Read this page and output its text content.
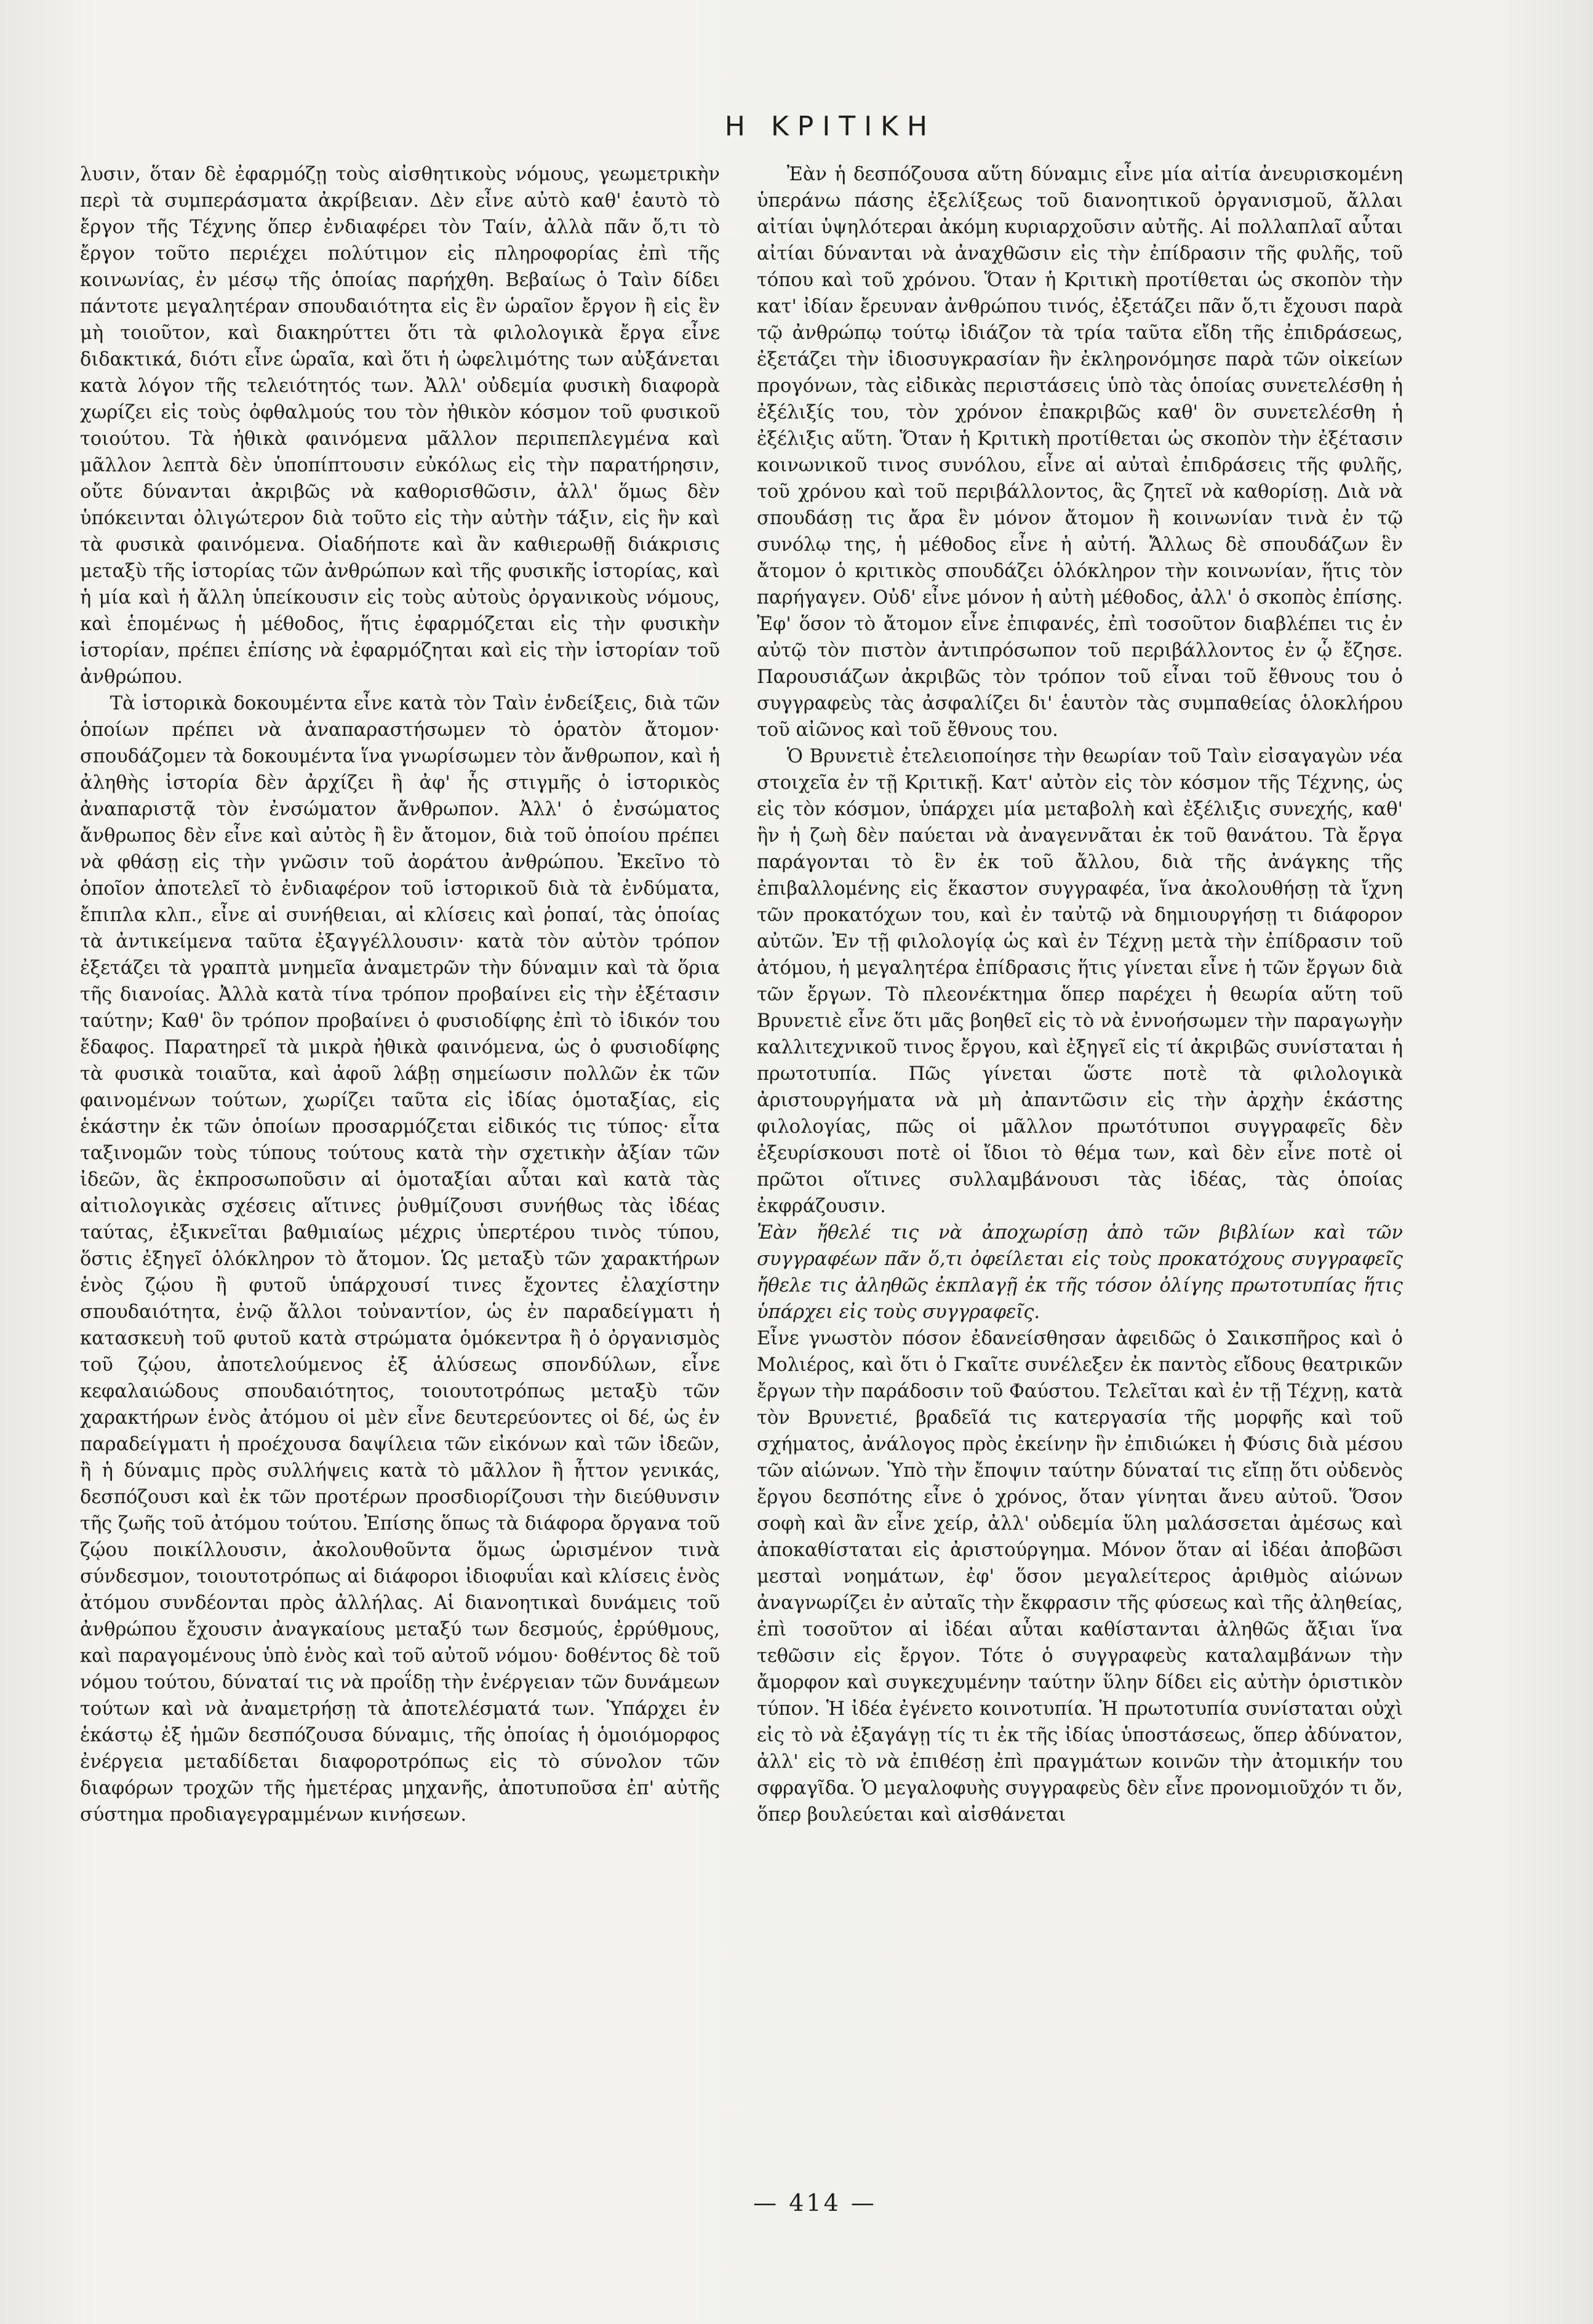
Η ΚΡΙΤΙΚΗ

λυσιν, ὅταν δὲ ἐφαρμόζῃ τοὺς αἰσθητικοὺς νόμους, γεωμετρικὴν περὶ τὰ συμπεράσματα ἀκρίβειαν. Δὲν εἶνε αὐτὸ καθ' ἑαυτὸ τὸ ἔργον τῆς Τέχνης ὅπερ ἐνδιαφέρει τὸν Ταίν, ἀλλὰ πᾶν ὅ,τι τὸ ἔργον τοῦτο περιέχει πολύτιμον εἰς πληροφορίας ἐπὶ τῆς κοινωνίας, ἐν μέσῳ τῆς ὁποίας παρήχθη. Βεβαίως ὁ Ταὶν δίδει πάντοτε μεγαλητέραν σπουδαιότητα εἰς ἓν ὡραῖον ἔργον ἢ εἰς ἓν μὴ τοιοῦτον, καὶ διακηρύττει ὅτι τὰ φιλολογικὰ ἔργα εἶνε διδακτικά, διότι εἶνε ὡραῖα, καὶ ὅτι ἡ ὠφελιμότης των αὐξάνεται κατὰ λόγον τῆς τελειότητός των. Ἀλλ' οὐδεμία φυσικὴ διαφορὰ χωρίζει εἰς τοὺς ὀφθαλμούς του τὸν ἠθικὸν κόσμον τοῦ φυσικοῦ τοιούτου. Τὰ ἠθικὰ φαινόμενα μᾶλλον περιπεπλεγμένα καὶ μᾶλλον λεπτὰ δὲν ὑποπίπτουσιν εὐκόλως εἰς τὴν παρατήρησιν, οὔτε δύνανται ἀκριβῶς νὰ καθορισθῶσιν, ἀλλ' ὅμως δὲν ὑπόκεινται ὀλιγώτερον διὰ τοῦτο εἰς τὴν αὐτὴν τάξιν, εἰς ἣν καὶ τὰ φυσικὰ φαινόμενα. Οἱαδήποτε καὶ ἂν καθιερωθῇ διάκρισις μεταξὺ τῆς ἱστορίας τῶν ἀνθρώπων καὶ τῆς φυσικῆς ἱστορίας, καὶ ἡ μία καὶ ἡ ἄλλη ὑπείκουσιν εἰς τοὺς αὐτοὺς ὀργανικοὺς νόμους, καὶ ἑπομένως ἡ μέθοδος, ἥτις ἐφαρμόζεται εἰς τὴν φυσικὴν ἱστορίαν, πρέπει ἐπίσης νὰ ἐφαρμόζηται καὶ εἰς τὴν ἱστορίαν τοῦ ἀνθρώπου.

Τὰ ἱστορικὰ δοκουμέντα εἶνε κατὰ τὸν Ταὶν ἐνδείξεις, διὰ τῶν ὁποίων πρέπει νὰ ἀναπαραστήσωμεν τὸ ὁρατὸν ἄτομον· σπουδάζομεν τὰ δοκουμέντα ἵνα γνωρίσωμεν τὸν ἄνθρωπον, καὶ ἡ ἀληθὴς ἱστορία δὲν ἀρχίζει ἢ ἀφ' ἧς στιγμῆς ὁ ἱστορικὸς ἀναπαριστᾷ τὸν ἐνσώματον ἄνθρωπον. Ἀλλ' ὁ ἐνσώματος ἄνθρωπος δὲν εἶνε καὶ αὐτὸς ἢ ἓν ἄτομον, διὰ τοῦ ὁποίου πρέπει νὰ φθάσῃ εἰς τὴν γνῶσιν τοῦ ἀοράτου ἀνθρώπου. Ἐκεῖνο τὸ ὁποῖον ἀποτελεῖ τὸ ἐνδιαφέρον τοῦ ἱστορικοῦ διὰ τὰ ἐνδύματα, ἔπιπλα κλπ., εἶνε αἱ συνήθειαι, αἱ κλίσεις καὶ ῥοπαί, τὰς ὁποίας τὰ ἀντικείμενα ταῦτα ἐξαγγέλλουσιν· κατὰ τὸν αὐτὸν τρόπον ἐξετάζει τὰ γραπτὰ μνημεῖα ἀναμετρῶν τὴν δύναμιν καὶ τὰ ὅρια τῆς διανοίας. Ἀλλὰ κατὰ τίνα τρόπον προβαίνει εἰς τὴν ἐξέτασιν ταύτην; Καθ' ὃν τρόπον προβαίνει ὁ φυσιοδίφης ἐπὶ τὸ ἰδικόν του ἔδαφος. Παρατηρεῖ τὰ μικρὰ ἠθικὰ φαινόμενα, ὡς ὁ φυσιοδίφης τὰ φυσικὰ τοιαῦτα, καὶ ἀφοῦ λάβῃ σημείωσιν πολλῶν ἐκ τῶν φαινομένων τούτων, χωρίζει ταῦτα εἰς ἰδίας ὁμοταξίας, εἰς ἑκάστην ἐκ τῶν ὁποίων προσαρμόζεται εἰδικός τις τύπος· εἶτα ταξινομῶν τοὺς τύπους τούτους κατὰ τὴν σχετικὴν ἀξίαν τῶν ἰδεῶν, ἃς ἐκπροσωποῦσιν αἱ ὁμοταξίαι αὗται καὶ κατὰ τὰς αἰτιολογικὰς σχέσεις αἵτινες ῥυθμίζουσι συνήθως τὰς ἰδέας ταύτας, ἐξικνεῖται βαθμιαίως μέχρις ὑπερτέρου τινὸς τύπου, ὅστις ἐξηγεῖ ὁλόκληρον τὸ ἄτομον. Ὡς μεταξὺ τῶν χαρακτήρων ἑνὸς ζῴου ἢ φυτοῦ ὑπάρχουσί τινες ἔχοντες ἐλαχίστην σπουδαιότητα, ἐνῷ ἄλλοι τοὐναντίον, ὡς ἐν παραδείγματι ἡ κατασκευὴ τοῦ φυτοῦ κατὰ στρώματα ὁμόκεντρα ἢ ὁ ὀργανισμὸς τοῦ ζῴου, ἀποτελούμενος ἐξ ἁλύσεως σπονδύλων, εἶνε κεφαλαιώδους σπουδαιότητος, τοιουτοτρόπως μεταξὺ τῶν χαρακτήρων ἑνὸς ἀτόμου οἱ μὲν εἶνε δευτερεύοντες οἱ δέ, ὡς ἐν παραδείγματι ἡ προέχουσα δαψίλεια τῶν εἰκόνων καὶ τῶν ἰδεῶν, ἢ ἡ δύναμις πρὸς συλλήψεις κατὰ τὸ μᾶλλον ἢ ἧττον γενικάς, δεσπόζουσι καὶ ἐκ τῶν προτέρων προσδιορίζουσι τὴν διεύθυνσιν τῆς ζωῆς τοῦ ἀτόμου τούτου. Ἐπίσης ὅπως τὰ διάφορα ὄργανα τοῦ ζῴου ποικίλλουσιν, ἀκολουθοῦντα ὅμως ὡρισμένον τινὰ σύνδεσμον, τοιουτοτρόπως αἱ διάφοροι ἰδιοφυΐαι καὶ κλίσεις ἑνὸς ἀτόμου συνδέονται πρὸς ἀλλήλας. Αἱ διανοητικαὶ δυνάμεις τοῦ ἀνθρώπου ἔχουσιν ἀναγκαίους μεταξύ των δεσμούς, ἐρρύθμους, καὶ παραγομένους ὑπὸ ἑνὸς καὶ τοῦ αὐτοῦ νόμου· δοθέντος δὲ τοῦ νόμου τούτου, δύναταί τις νὰ προΐδῃ τὴν ἐνέργειαν τῶν δυνάμεων τούτων καὶ νὰ ἀναμετρήσῃ τὰ ἀποτελέσματά των. Ὑπάρχει ἐν ἑκάστῳ ἐξ ἡμῶν δεσπόζουσα δύναμις, τῆς ὁποίας ἡ ὁμοιόμορφος ἐνέργεια μεταδίδεται διαφοροτρόπως εἰς τὸ σύνολον τῶν διαφόρων τροχῶν τῆς ἡμετέρας μηχανῆς, ἀποτυποῦσα ἐπ' αὐτῆς σύστημα προδιαγεγραμμένων κινήσεων.

Ἐὰν ἡ δεσπόζουσα αὕτη δύναμις εἶνε μία αἰτία ἀνευρισκομένη ὑπεράνω πάσης ἐξελίξεως τοῦ διανοητικοῦ ὀργανισμοῦ, ἄλλαι αἰτίαι ὑψηλότεραι ἀκόμη κυριαρχοῦσιν αὐτῆς. Αἱ πολλαπλαῖ αὗται αἰτίαι δύνανται νὰ ἀναχθῶσιν εἰς τὴν ἐπίδρασιν τῆς φυλῆς, τοῦ τόπου καὶ τοῦ χρόνου. Ὅταν ἡ Κριτικὴ προτίθεται ὡς σκοπὸν τὴν κατ' ἰδίαν ἔρευναν ἀνθρώπου τινός, ἐξετάζει πᾶν ὅ,τι ἔχουσι παρὰ τῷ ἀνθρώπῳ τούτῳ ἰδιάζον τὰ τρία ταῦτα εἴδη τῆς ἐπιδράσεως, ἐξετάζει τὴν ἰδιοσυγκρασίαν ἣν ἐκληρονόμησε παρὰ τῶν οἰκείων προγόνων, τὰς εἰδικὰς περιστάσεις ὑπὸ τὰς ὁποίας συνετελέσθη ἡ ἐξέλιξίς του, τὸν χρόνον ἐπακριβῶς καθ' ὃν συνετελέσθη ἡ ἐξέλιξις αὕτη. Ὅταν ἡ Κριτικὴ προτίθεται ὡς σκοπὸν τὴν ἐξέτασιν κοινωνικοῦ τινος συνόλου, εἶνε αἱ αὐταὶ ἐπιδράσεις τῆς φυλῆς, τοῦ χρόνου καὶ τοῦ περιβάλλοντος, ἃς ζητεῖ νὰ καθορίσῃ. Διὰ νὰ σπουδάσῃ τις ἄρα ἓν μόνον ἄτομον ἢ κοινωνίαν τινὰ ἐν τῷ συνόλῳ της, ἡ μέθοδος εἶνε ἡ αὐτή. Ἄλλως δὲ σπουδάζων ἓν ἄτομον ὁ κριτικὸς σπουδάζει ὁλόκληρον τὴν κοινωνίαν, ἥτις τὸν παρήγαγεν. Οὐδ' εἶνε μόνον ἡ αὐτὴ μέθοδος, ἀλλ' ὁ σκοπὸς ἐπίσης. Ἐφ' ὅσον τὸ ἄτομον εἶνε ἐπιφανές, ἐπὶ τοσοῦτον διαβλέπει τις ἐν αὐτῷ τὸν πιστὸν ἀντιπρόσωπον τοῦ περιβάλλοντος ἐν ᾧ ἔζησε. Παρουσιάζων ἀκριβῶς τὸν τρόπον τοῦ εἶναι τοῦ ἔθνους του ὁ συγγραφεὺς τὰς ἀσφαλίζει δι' ἑαυτὸν τὰς συμπαθείας ὁλοκλήρου τοῦ αἰῶνος καὶ τοῦ ἔθνους του.

Ὁ Βρυνετιὲ ἐτελειοποίησε τὴν θεωρίαν τοῦ Ταὶν εἰσαγαγὼν νέα στοιχεῖα ἐν τῇ Κριτικῇ. Κατ' αὐτὸν εἰς τὸν κόσμον τῆς Τέχνης, ὡς εἰς τὸν κόσμον, ὑπάρχει μία μεταβολὴ καὶ ἐξέλιξις συνεχής, καθ' ἣν ἡ ζωὴ δὲν παύεται νὰ ἀναγεννᾶται ἐκ τοῦ θανάτου. Τὰ ἔργα παράγονται τὸ ἓν ἐκ τοῦ ἄλλου, διὰ τῆς ἀνάγκης τῆς ἐπιβαλλομένης εἰς ἕκαστον συγγραφέα, ἵνα ἀκολουθήσῃ τὰ ἴχνη τῶν προκατόχων του, καὶ ἐν ταὐτῷ νὰ δημιουργήσῃ τι διάφορον αὐτῶν. Ἐν τῇ φιλολογίᾳ ὡς καὶ ἐν Τέχνῃ μετὰ τὴν ἐπίδρασιν τοῦ ἀτόμου, ἡ μεγαλητέρα ἐπίδρασις ἥτις γίνεται εἶνε ἡ τῶν ἔργων διὰ τῶν ἔργων. Τὸ πλεονέκτημα ὅπερ παρέχει ἡ θεωρία αὕτη τοῦ Βρυνετιὲ εἶνε ὅτι μᾶς βοηθεῖ εἰς τὸ νὰ ἐννοήσωμεν τὴν παραγωγὴν καλλιτεχνικοῦ τινος ἔργου, καὶ ἐξηγεῖ εἰς τί ἀκριβῶς συνίσταται ἡ πρωτοτυπία. Πῶς γίνεται ὥστε ποτὲ τὰ φιλολογικὰ ἀριστουργήματα νὰ μὴ ἀπαντῶσιν εἰς τὴν ἀρχὴν ἑκάστης φιλολογίας, πῶς οἱ μᾶλλον πρωτότυποι συγγραφεῖς δὲν ἐξευρίσκουσι ποτὲ οἱ ἴδιοι τὸ θέμα των, καὶ δὲν εἶνε ποτὲ οἱ πρῶτοι οἵτινες συλλαμβάνουσι τὰς ἰδέας, τὰς ὁποίας ἐκφράζουσιν.

Ἐὰν ἤθελέ τις νὰ ἀποχωρίσῃ ἀπὸ τῶν βιβλίων καὶ τῶν συγγραφέων πᾶν ὅ,τι ὀφείλεται εἰς τοὺς προκατόχους συγγραφεῖς ἤθελε τις ἀληθῶς ἐκπλαγῇ ἐκ τῆς τόσον ὀλίγης πρωτοτυπίας ἥτις ὑπάρχει εἰς τοὺς συγγραφεῖς.

Εἶνε γνωστὸν πόσον ἐδανείσθησαν ἀφειδῶς ὁ Σαικσπῆρος καὶ ὁ Μολιέρος, καὶ ὅτι ὁ Γκαῖτε συνέλεξεν ἐκ παντὸς εἴδους θεατρικῶν ἔργων τὴν παράδοσιν τοῦ Φαύστου. Τελεῖται καὶ ἐν τῇ Τέχνῃ, κατὰ τὸν Βρυνετιέ, βραδεῖά τις κατεργασία τῆς μορφῆς καὶ τοῦ σχήματος, ἀνάλογος πρὸς ἐκείνην ἣν ἐπιδιώκει ἡ Φύσις διὰ μέσου τῶν αἰώνων. Ὑπὸ τὴν ἔποψιν ταύτην δύναταί τις εἴπῃ ὅτι οὐδενὸς ἔργου δεσπότης εἶνε ὁ χρόνος, ὅταν γίνηται ἄνευ αὐτοῦ. Ὅσον σοφὴ καὶ ἂν εἶνε χείρ, ἀλλ' οὐδεμία ὕλη μαλάσσεται ἀμέσως καὶ ἀποκαθίσταται εἰς ἀριστούργημα. Μόνον ὅταν αἱ ἰδέαι ἀποβῶσι μεσταὶ νοημάτων, ἐφ' ὅσον μεγαλείτερος ἀριθμὸς αἰώνων ἀναγνωρίζει ἐν αὐταῖς τὴν ἔκφρασιν τῆς φύσεως καὶ τῆς ἀληθείας, ἐπὶ τοσοῦτον αἱ ἰδέαι αὗται καθίστανται ἀληθῶς ἄξιαι ἵνα τεθῶσιν εἰς ἔργον. Τότε ὁ συγγραφεὺς καταλαμβάνων τὴν ἄμορφον καὶ συγκεχυμένην ταύτην ὕλην δίδει εἰς αὐτὴν ὁριστικὸν τύπον. Ἡ ἰδέα ἐγένετο κοινοτυπία. Ἡ πρωτοτυπία συνίσταται οὐχὶ εἰς τὸ νὰ ἐξαγάγῃ τίς τι ἐκ τῆς ἰδίας ὑποστάσεως, ὅπερ ἀδύνατον, ἀλλ' εἰς τὸ νὰ ἐπιθέσῃ ἐπὶ πραγμάτων κοινῶν τὴν ἀτομικήν του σφραγῖδα. Ὁ μεγαλοφυὴς συγγραφεὺς δὲν εἶνε προνομιοῦχόν τι ὄν, ὅπερ βουλεύεται καὶ αἰσθάνεται

— 414 —
